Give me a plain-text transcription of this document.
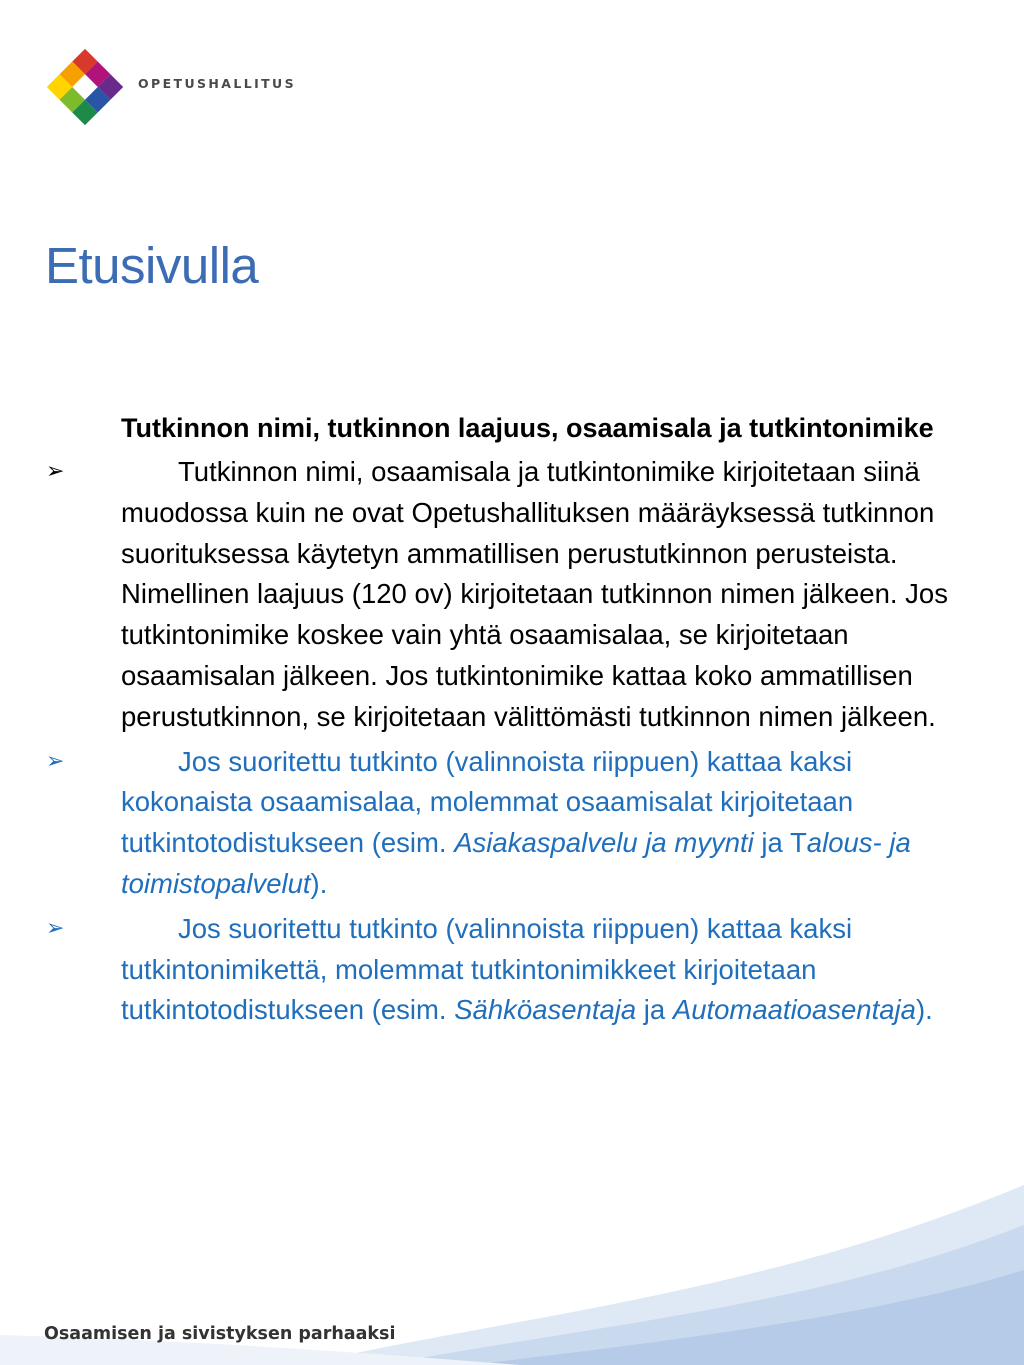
OPETUSHALLITUS
Etusivulla

Tutkinnon nimi, tutkinnon laajuus, osaamisala ja tutkintonimike

➢	Tutkinnon nimi, osaamisala ja tutkintonimike kirjoitetaan siinä muodossa kuin ne ovat Opetushallituksen määräyksessä tutkinnon suorituksessa käytetyn ammatillisen perustutkinnon perusteista. Nimellinen laajuus (120 ov) kirjoitetaan tutkinnon nimen jälkeen. Jos tutkintonimike koskee vain yhtä osaamisalaa, se kirjoitetaan osaamisalan jälkeen. Jos tutkintonimike kattaa koko ammatillisen perustutkinnon, se kirjoitetaan välittömästi tutkinnon nimen jälkeen.
➢	Jos suoritettu tutkinto (valinnoista riippuen) kattaa kaksi kokonaista osaamisalaa, molemmat osaamisalat kirjoitetaan tutkintotodistukseen (esim. Asiakaspalvelu ja myynti ja Talous- ja toimistopalvelut).
➢	Jos suoritettu tutkinto (valinnoista riippuen) kattaa kaksi tutkintonimikettä, molemmat tutkintonimikkeet kirjoitetaan tutkintotodistukseen (esim. Sähköasentaja ja Automaatioasentaja).
Osaamisen ja sivistyksen parhaaksi
